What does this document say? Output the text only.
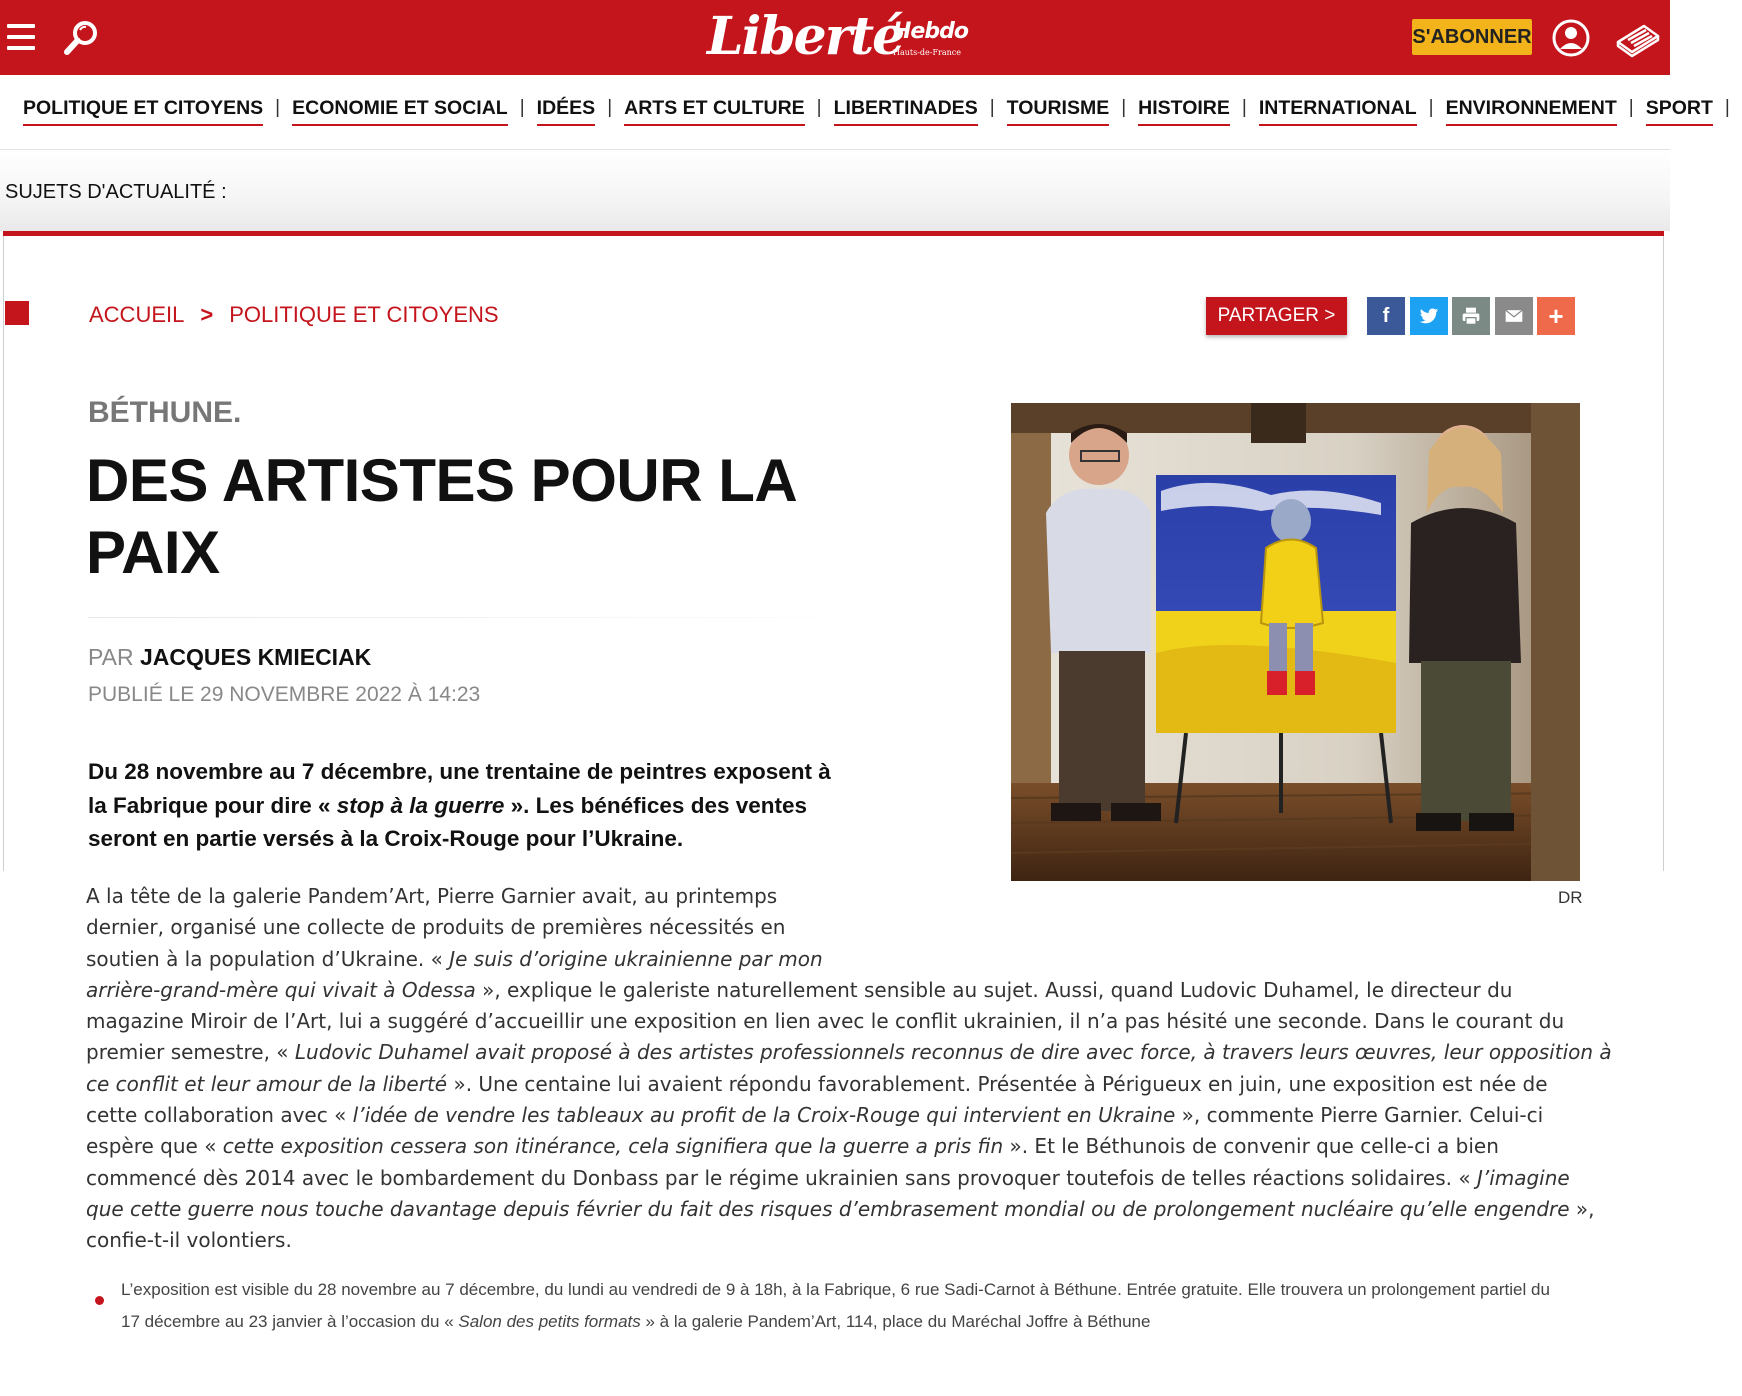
Liberté
Hebdo
Hauts-de-France
S'ABONNER
POLITIQUE ET CITOYENS | ECONOMIE ET SOCIAL | IDÉES | ARTS ET CULTURE | LIBERTINADES | TOURISME | HISTOIRE | INTERNATIONAL | ENVIRONNEMENT | SPORT |
SUJETS D'ACTUALITÉ :
ACCUEIL > POLITIQUE ET CITOYENS	PARTAGER >	f	+
BÉTHUNE.
DES ARTISTES POUR LA PAIX
PAR JACQUES KMIECIAK
PUBLIÉ LE 29 NOVEMBRE 2022 À 14:23

Du 28 novembre au 7 décembre, une trentaine de peintres exposent à la Fabrique pour dire « stop à la guerre ». Les bénéfices des ventes seront en partie versés à la Croix-Rouge pour l’Ukraine.

DR
A la tête de la galerie Pandem’Art, Pierre Garnier avait, au printemps
dernier, organisé une collecte de produits de premières nécessités en
soutien à la population d’Ukraine. « Je suis d’origine ukrainienne par mon
arrière-grand-mère qui vivait à Odessa », explique le galeriste naturellement sensible au sujet. Aussi, quand Ludovic Duhamel, le directeur du
magazine Miroir de l’Art, lui a suggéré d’accueillir une exposition en lien avec le conflit ukrainien, il n’a pas hésité une seconde. Dans le courant du
premier semestre, « Ludovic Duhamel avait proposé à des artistes professionnels reconnus de dire avec force, à travers leurs œuvres, leur opposition à
ce conflit et leur amour de la liberté ». Une centaine lui avaient répondu favorablement. Présentée à Périgueux en juin, une exposition est née de
cette collaboration avec « l’idée de vendre les tableaux au profit de la Croix-Rouge qui intervient en Ukraine », commente Pierre Garnier. Celui-ci
espère que « cette exposition cessera son itinérance, cela signifiera que la guerre a pris fin ». Et le Béthunois de convenir que celle-ci a bien
commencé dès 2014 avec le bombardement du Donbass par le régime ukrainien sans provoquer toutefois de telles réactions solidaires. « J’imagine
que cette guerre nous touche davantage depuis février du fait des risques d’embrasement mondial ou de prolongement nucléaire qu’elle engendre »,
confie-t-il volontiers.

L’exposition est visible du 28 novembre au 7 décembre, du lundi au vendredi de 9 à 18h, à la Fabrique, 6 rue Sadi-Carnot à Béthune. Entrée gratuite. Elle trouvera un prolongement partiel du 17 décembre au 23 janvier à l’occasion du « Salon des petits formats » à la galerie Pandem’Art, 114, place du Maréchal Joffre à Béthune
